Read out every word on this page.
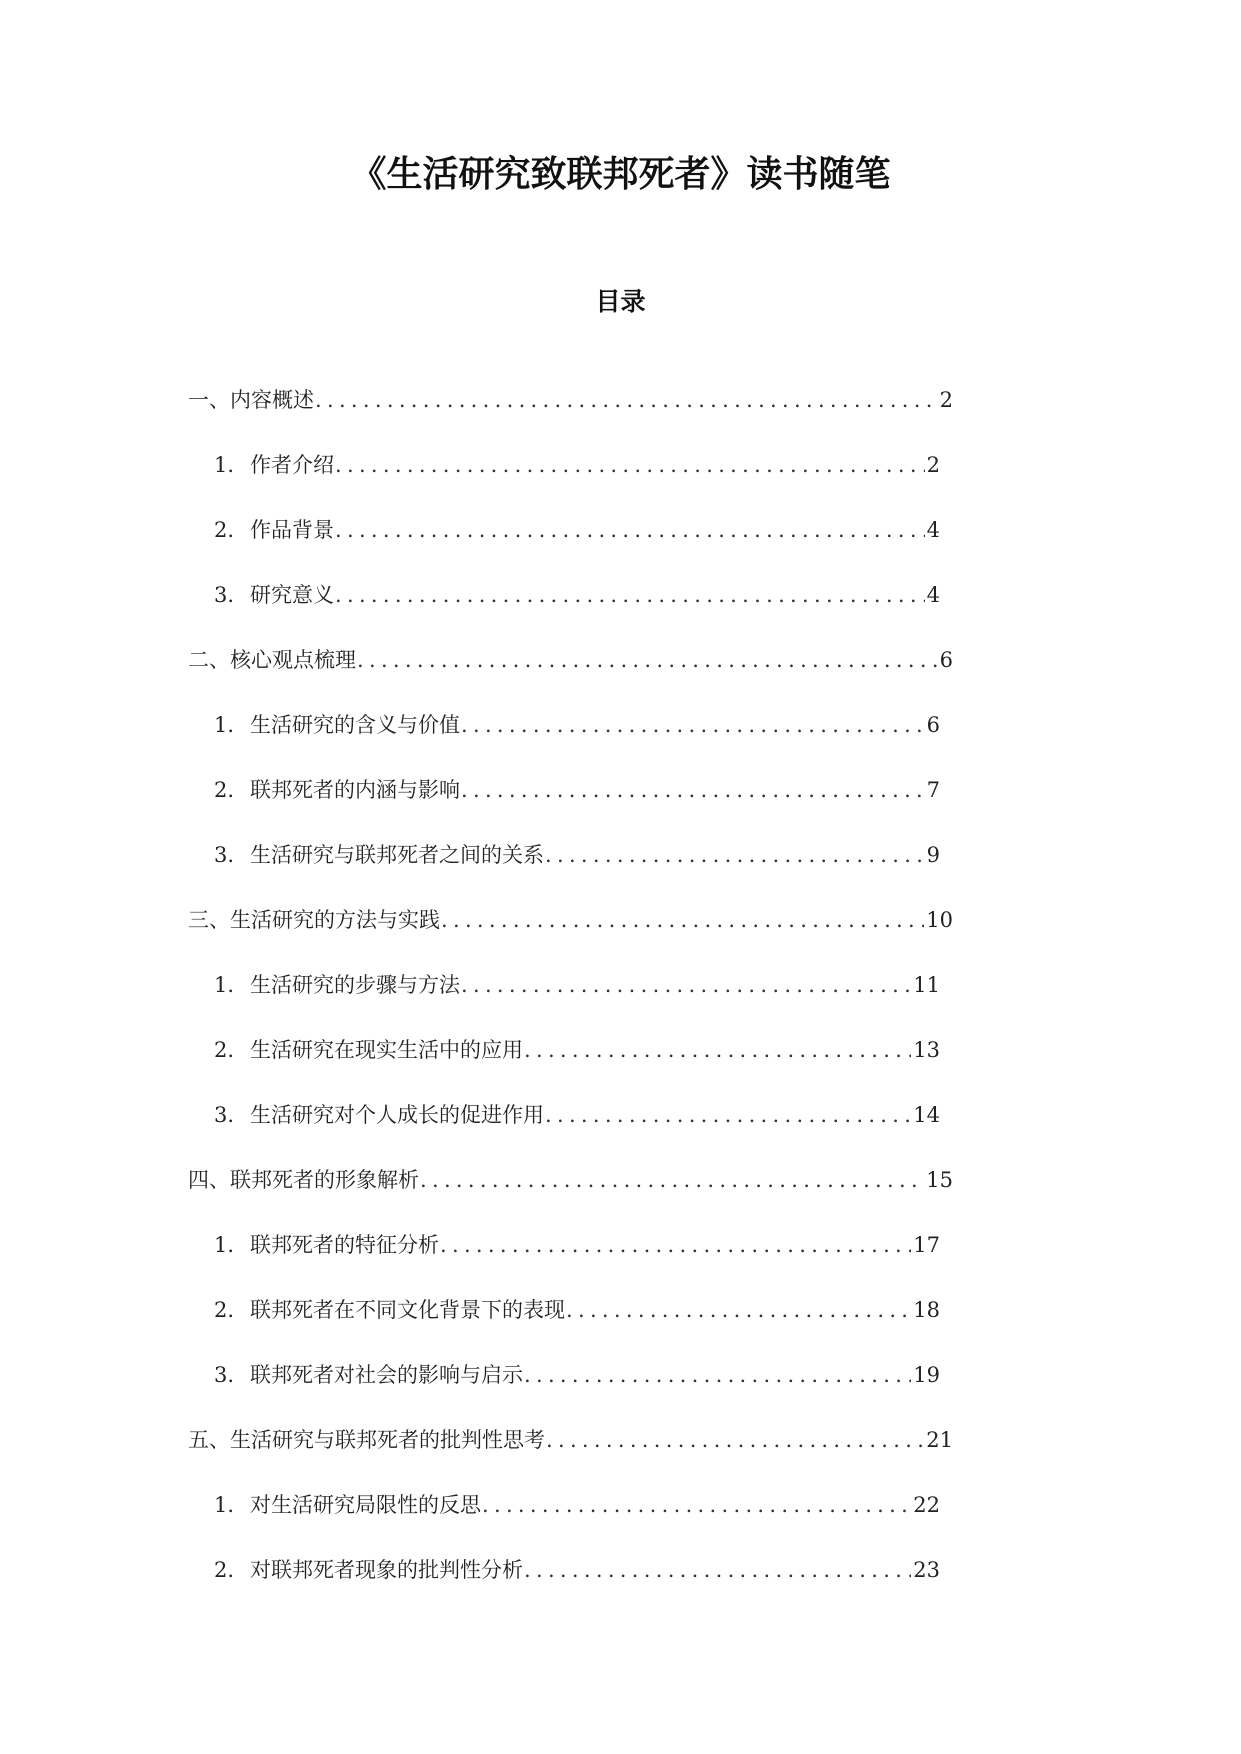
《生活研究致联邦死者》读书随笔
目录
一、内容概述 .....	2
1. 作者介绍 .....	2
2. 作品背景 .....	4
3. 研究意义 .....	4
二、核心观点梳理 .....	6
1. 生活研究的含义与价值 .....	6
2. 联邦死者的内涵与影响 .....	7
3. 生活研究与联邦死者之间的关系 .....	9
三、生活研究的方法与实践 .....	10
1. 生活研究的步骤与方法 .....	11
2. 生活研究在现实生活中的应用 .....	13
3. 生活研究对个人成长的促进作用 .....	14
四、联邦死者的形象解析 .....	15
1. 联邦死者的特征分析 .....	17
2. 联邦死者在不同文化背景下的表现 .....	18
3. 联邦死者对社会的影响与启示 .....	19
五、生活研究与联邦死者的批判性思考 .....	21
1. 对生活研究局限性的反思 .....	22
2. 对联邦死者现象的批判性分析 .....	23
